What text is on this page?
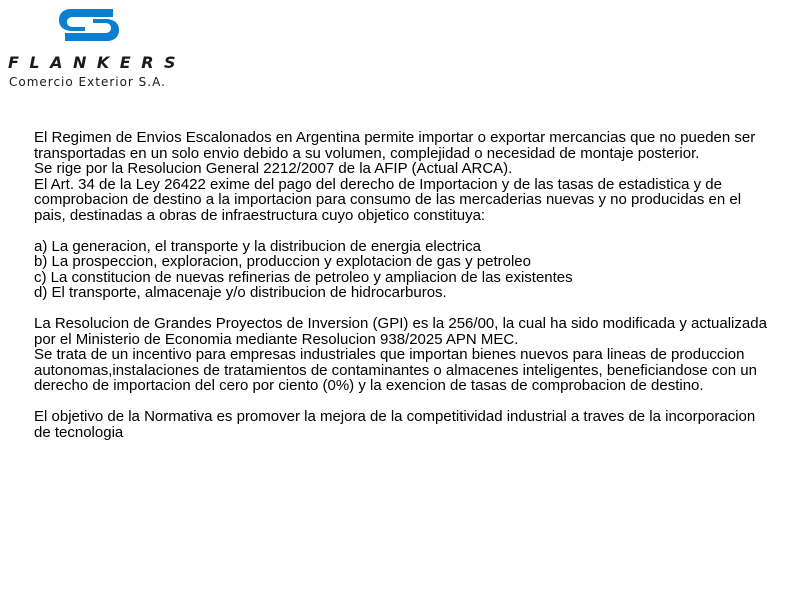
FLANKERS
Comercio Exterior S.A.

El Regimen de Envios Escalonados en Argentina permite importar o exportar mercancias que no pueden ser transportadas en un solo envio debido a su volumen, complejidad o necesidad de montaje posterior.

Se rige por la Resolucion General 2212/2007 de la AFIP (Actual ARCA).

El Art. 34 de la Ley 26422 exime del pago del derecho de Importacion y de las tasas de estadistica y de comprobacion de destino a la importacion para consumo de las mercaderias nuevas y no producidas en el pais, destinadas a obras de infraestructura cuyo objetico constituya:

a) La generacion, el transporte y la distribucion de energia electrica

b) La prospeccion, exploracion, produccion y explotacion de gas y petroleo

c) La constitucion de nuevas refinerias de petroleo y ampliacion de las existentes

d) El transporte, almacenaje y/o distribucion de hidrocarburos.

La Resolucion de Grandes Proyectos de Inversion (GPI) es la 256/00, la cual ha sido modificada y actualizada por el Ministerio de Economia mediante Resolucion 938/2025 APN MEC.

Se trata de un incentivo para empresas industriales que importan bienes nuevos para lineas de produccion autonomas,instalaciones de tratamientos de contaminantes o almacenes inteligentes, beneficiandose con un derecho de importacion del cero por ciento (0%) y la exencion de tasas de comprobacion de destino.

El objetivo de la Normativa es promover la mejora de la competitividad industrial a traves de la incorporacion de tecnologia
